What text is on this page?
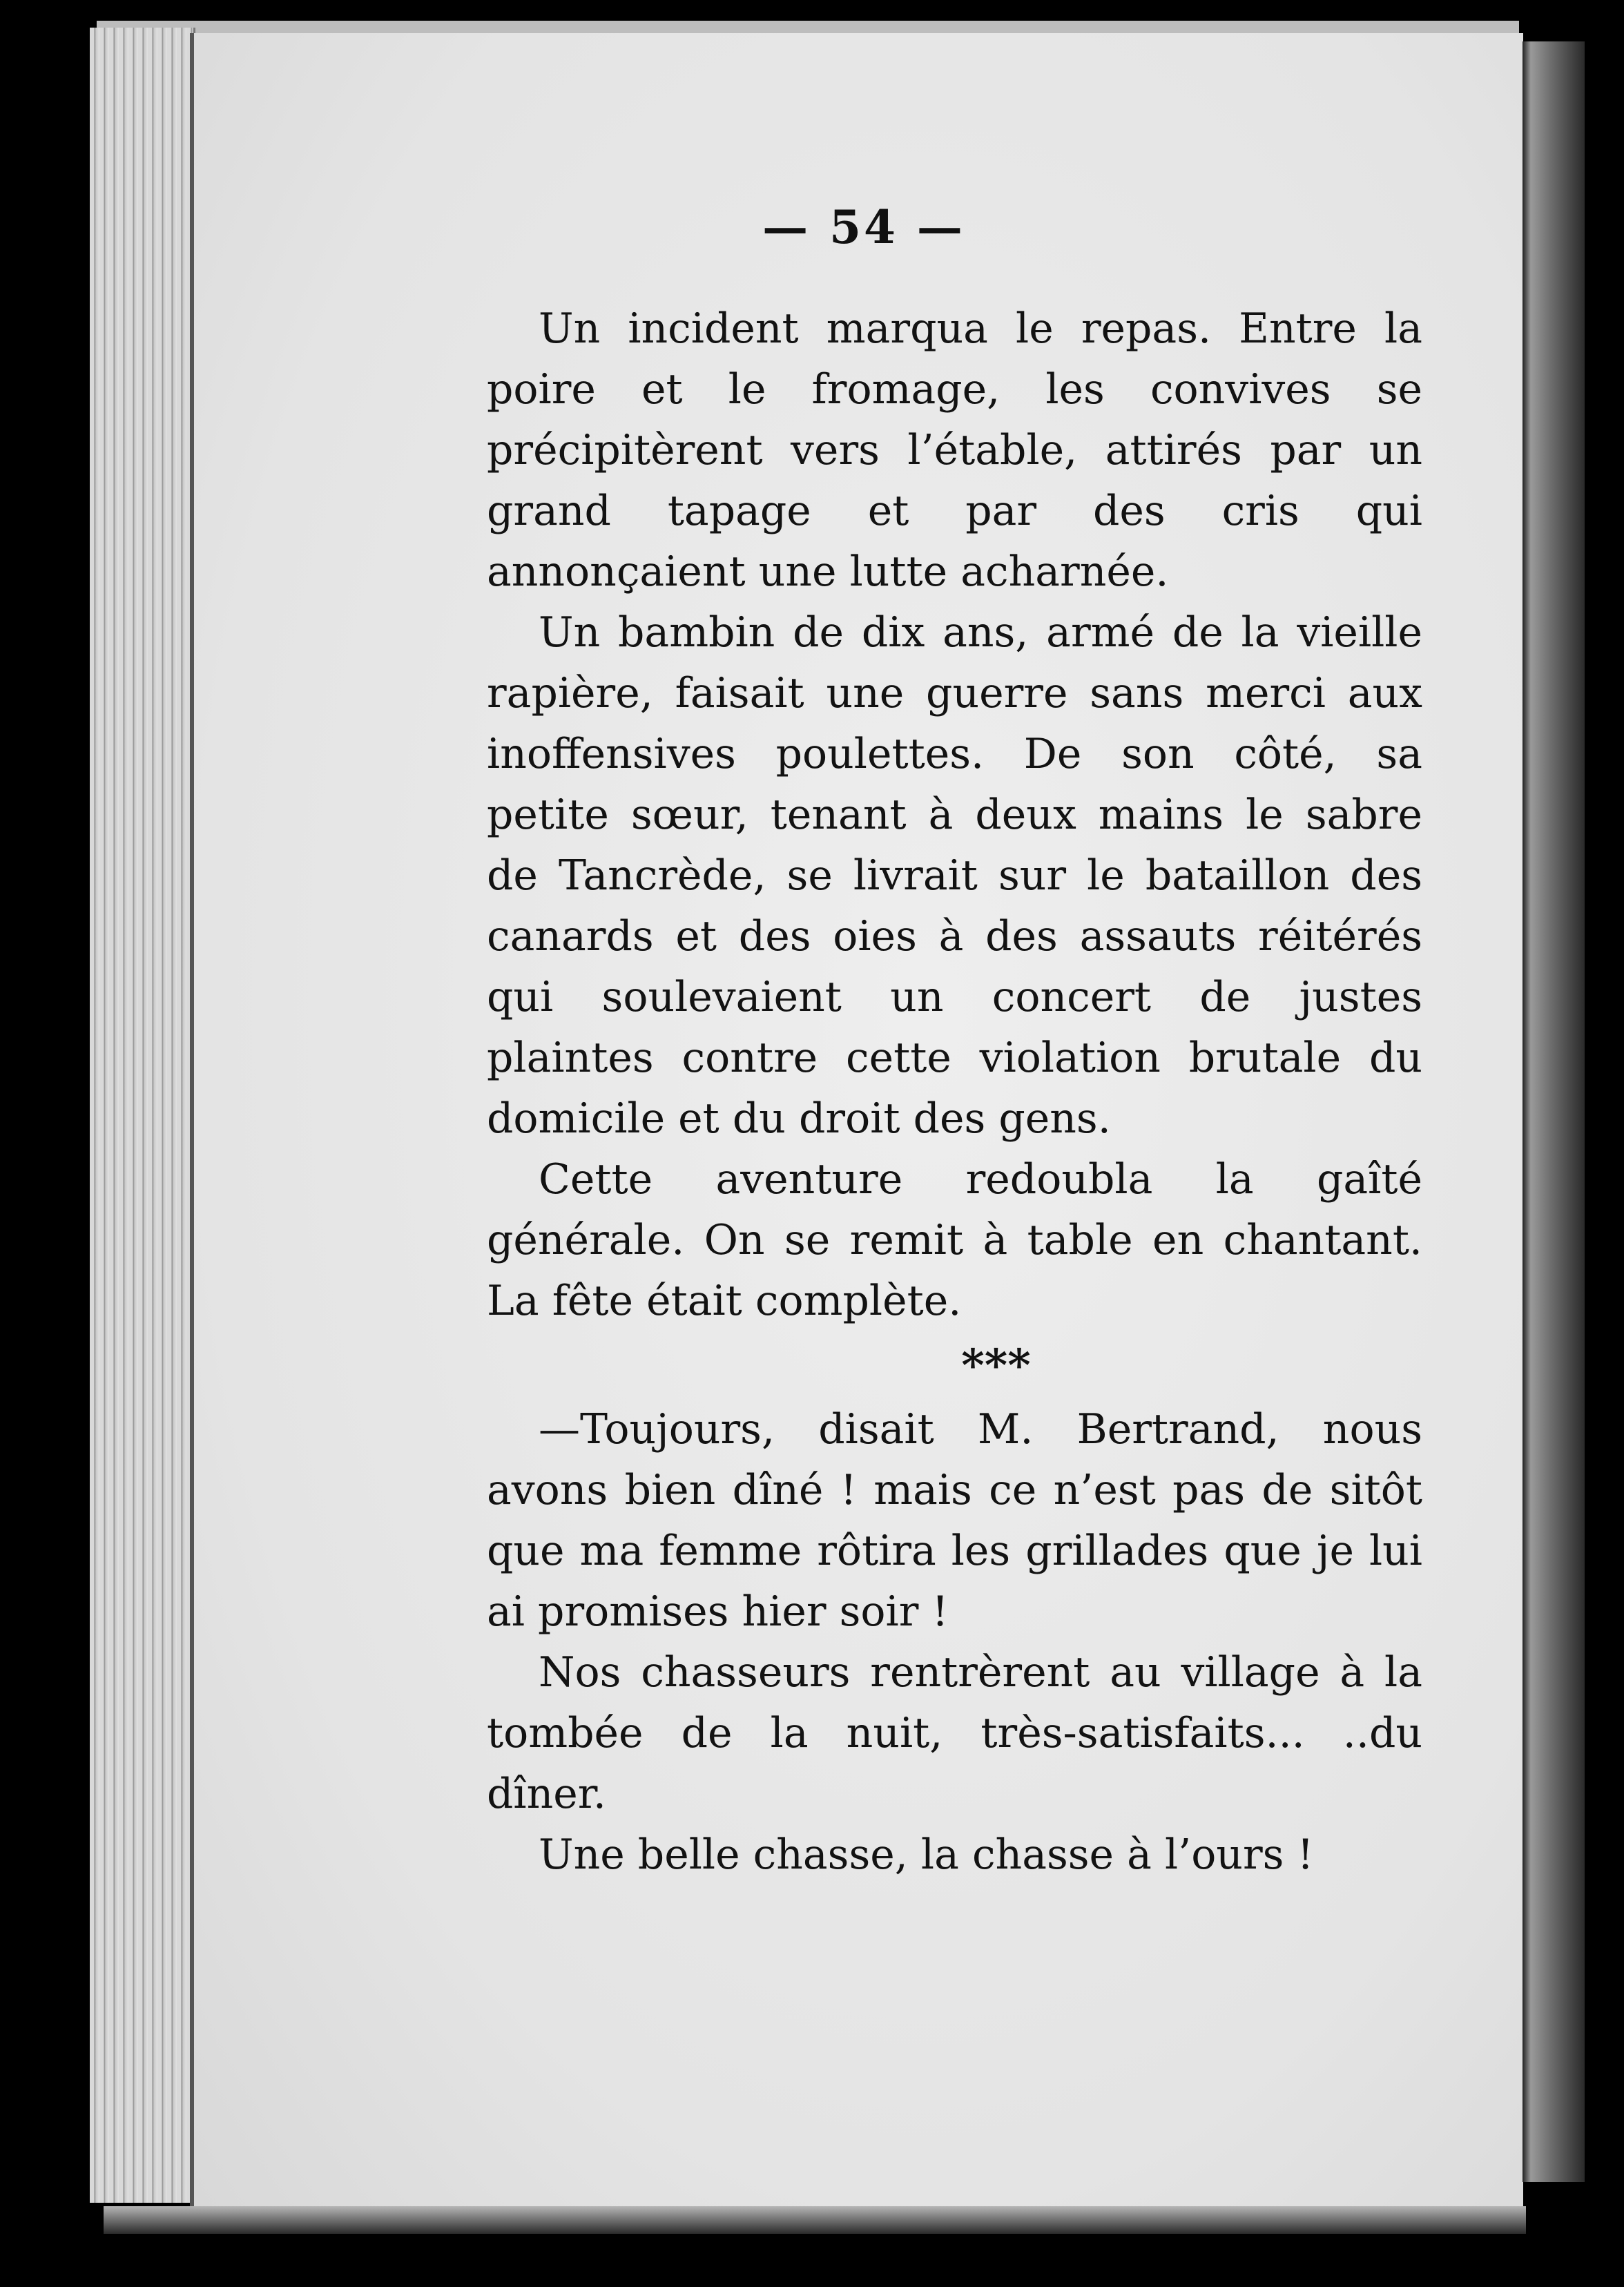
— 54 —

Un incident marqua le repas. Entre la poire et le fromage, les convives se précipitèrent vers l’étable, attirés par un grand tapage et par des cris qui annonçaient une lutte acharnée.

Un bambin de dix ans, armé de la vieille rapière, faisait une guerre sans merci aux inoffensives poulettes. De son côté, sa petite sœur, tenant à deux mains le sabre de Tancrède, se livrait sur le bataillon des canards et des oies à des assauts réitérés qui soulevaient un concert de justes plaintes contre cette violation brutale du domicile et du droit des gens.

Cette aventure redoubla la gaîté générale. On se remit à table en chantant. La fête était complète.

***

—Toujours, disait M. Bertrand, nous avons bien dîné ! mais ce n’est pas de sitôt que ma femme rôtira les grillades que je lui ai promises hier soir !

Nos chasseurs rentrèrent au village à la tombée de la nuit, très-satisfaits... ..du dîner.

Une belle chasse, la chasse à l’ours !
